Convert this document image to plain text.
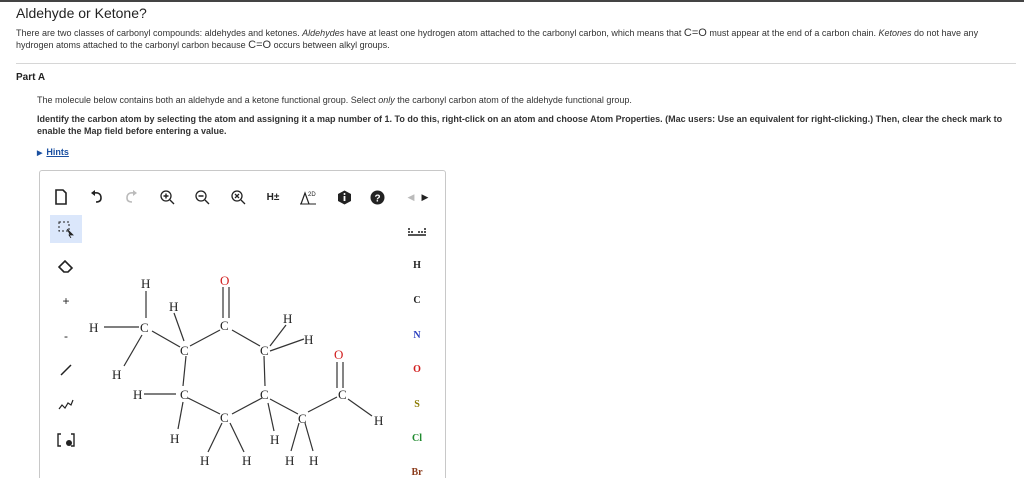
Aldehyde or Ketone?
There are two classes of carbonyl compounds: aldehydes and ketones. Aldehydes have at least one hydrogen atom attached to the carbonyl carbon, which means that C=O must appear at the end of a carbon chain. Ketones do not have any hydrogen atoms attached to the carbonyl carbon because C=O occurs between alkyl groups.
Part A
The molecule below contains both an aldehyde and a ketone functional group. Select only the carbonyl carbon atom of the aldehyde functional group.
Identify the carbon atom by selecting the atom and assigning it a map number of 1. To do this, right-click on an atom and choose Atom Properties. (Mac users: Use an equivalent for right-clicking.) Then, clear the check mark to enable the Map field before entering a value.
▶ Hints
H±	2D	?	◀ ▶
+
-
H
H	C
H
H
C
C
O
C
H
H
C
H
C
H	H
H
C
H
C
H H
C
O
H
H
C
N
O
S
Cl
Br
